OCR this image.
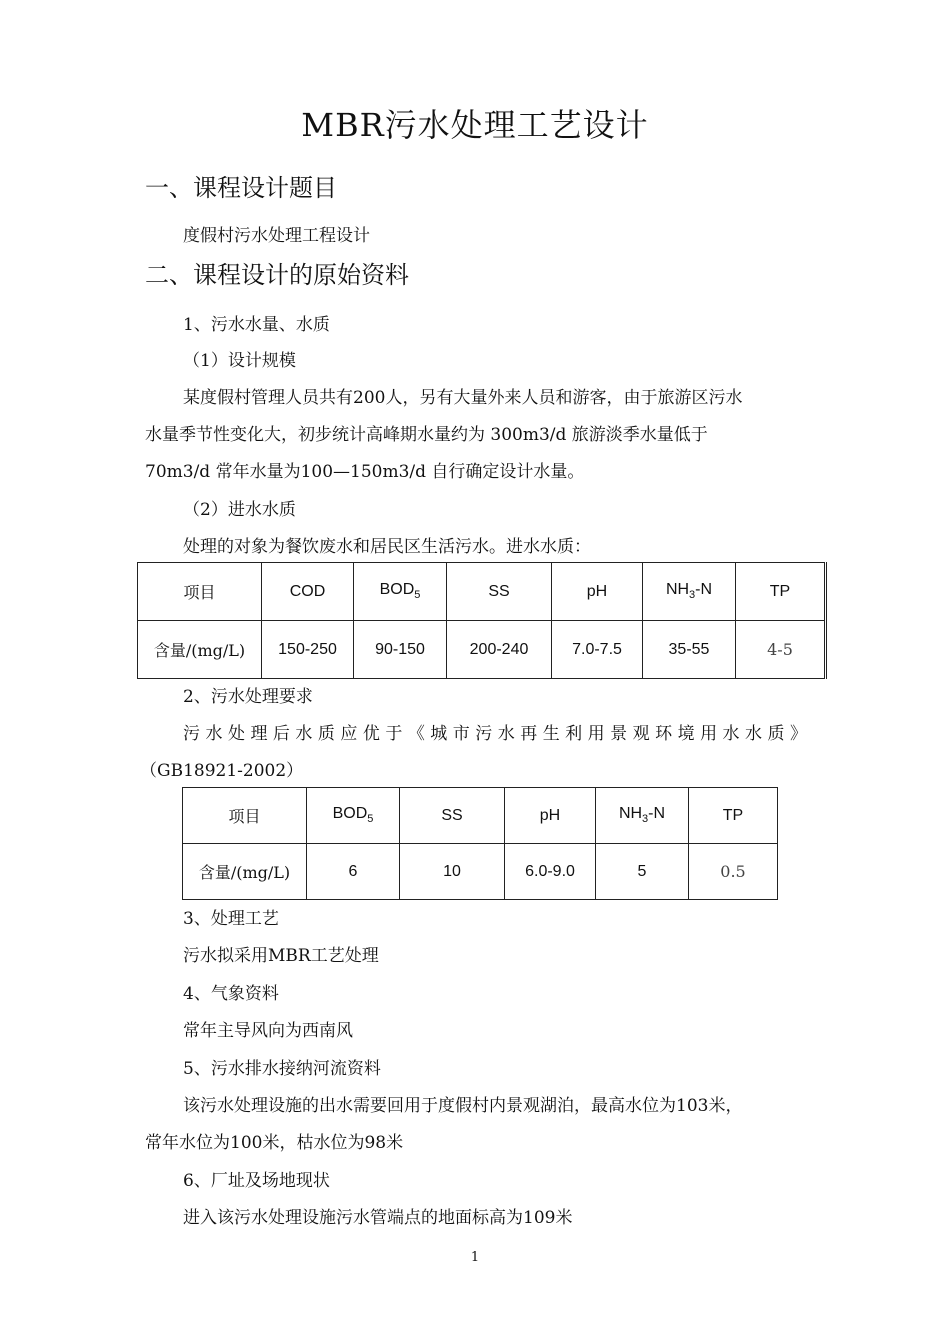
MBR污水处理工艺设计
一、课程设计题目
度假村污水处理工程设计
二、课程设计的原始资料
1、污水水量、水质
（1）设计规模
某度假村管理人员共有200人，另有大量外来人员和游客，由于旅游区污水
水量季节性变化大，初步统计高峰期水量约为 300m3/d 旅游淡季水量低于
70m3/d 常年水量为100—150m3/d 自行确定设计水量。
（2）进水水质
处理的对象为餐饮废水和居民区生活污水。进水水质：
项目	COD	$BOD_5$	SS	pH	$NH_3-N$	TP
含量/(mg/L)	150-250	90-150	200-240	7.0-7.5	35-55	4-5
2、污水处理要求
污水处理后水质应优于《城市污水再生利用景观环境用水水质》
（GB18921-2002）
项目	$BOD_5$	SS	pH	$NH_3-N$	TP
含量/(mg/L)	6	10	6.0-9.0	5	0.5
3、处理工艺
污水拟采用MBR工艺处理
4、气象资料
常年主导风向为西南风
5、污水排水接纳河流资料
该污水处理设施的出水需要回用于度假村内景观湖泊，最高水位为103米，
常年水位为100米，枯水位为98米
6、厂址及场地现状
进入该污水处理设施污水管端点的地面标高为109米
1
